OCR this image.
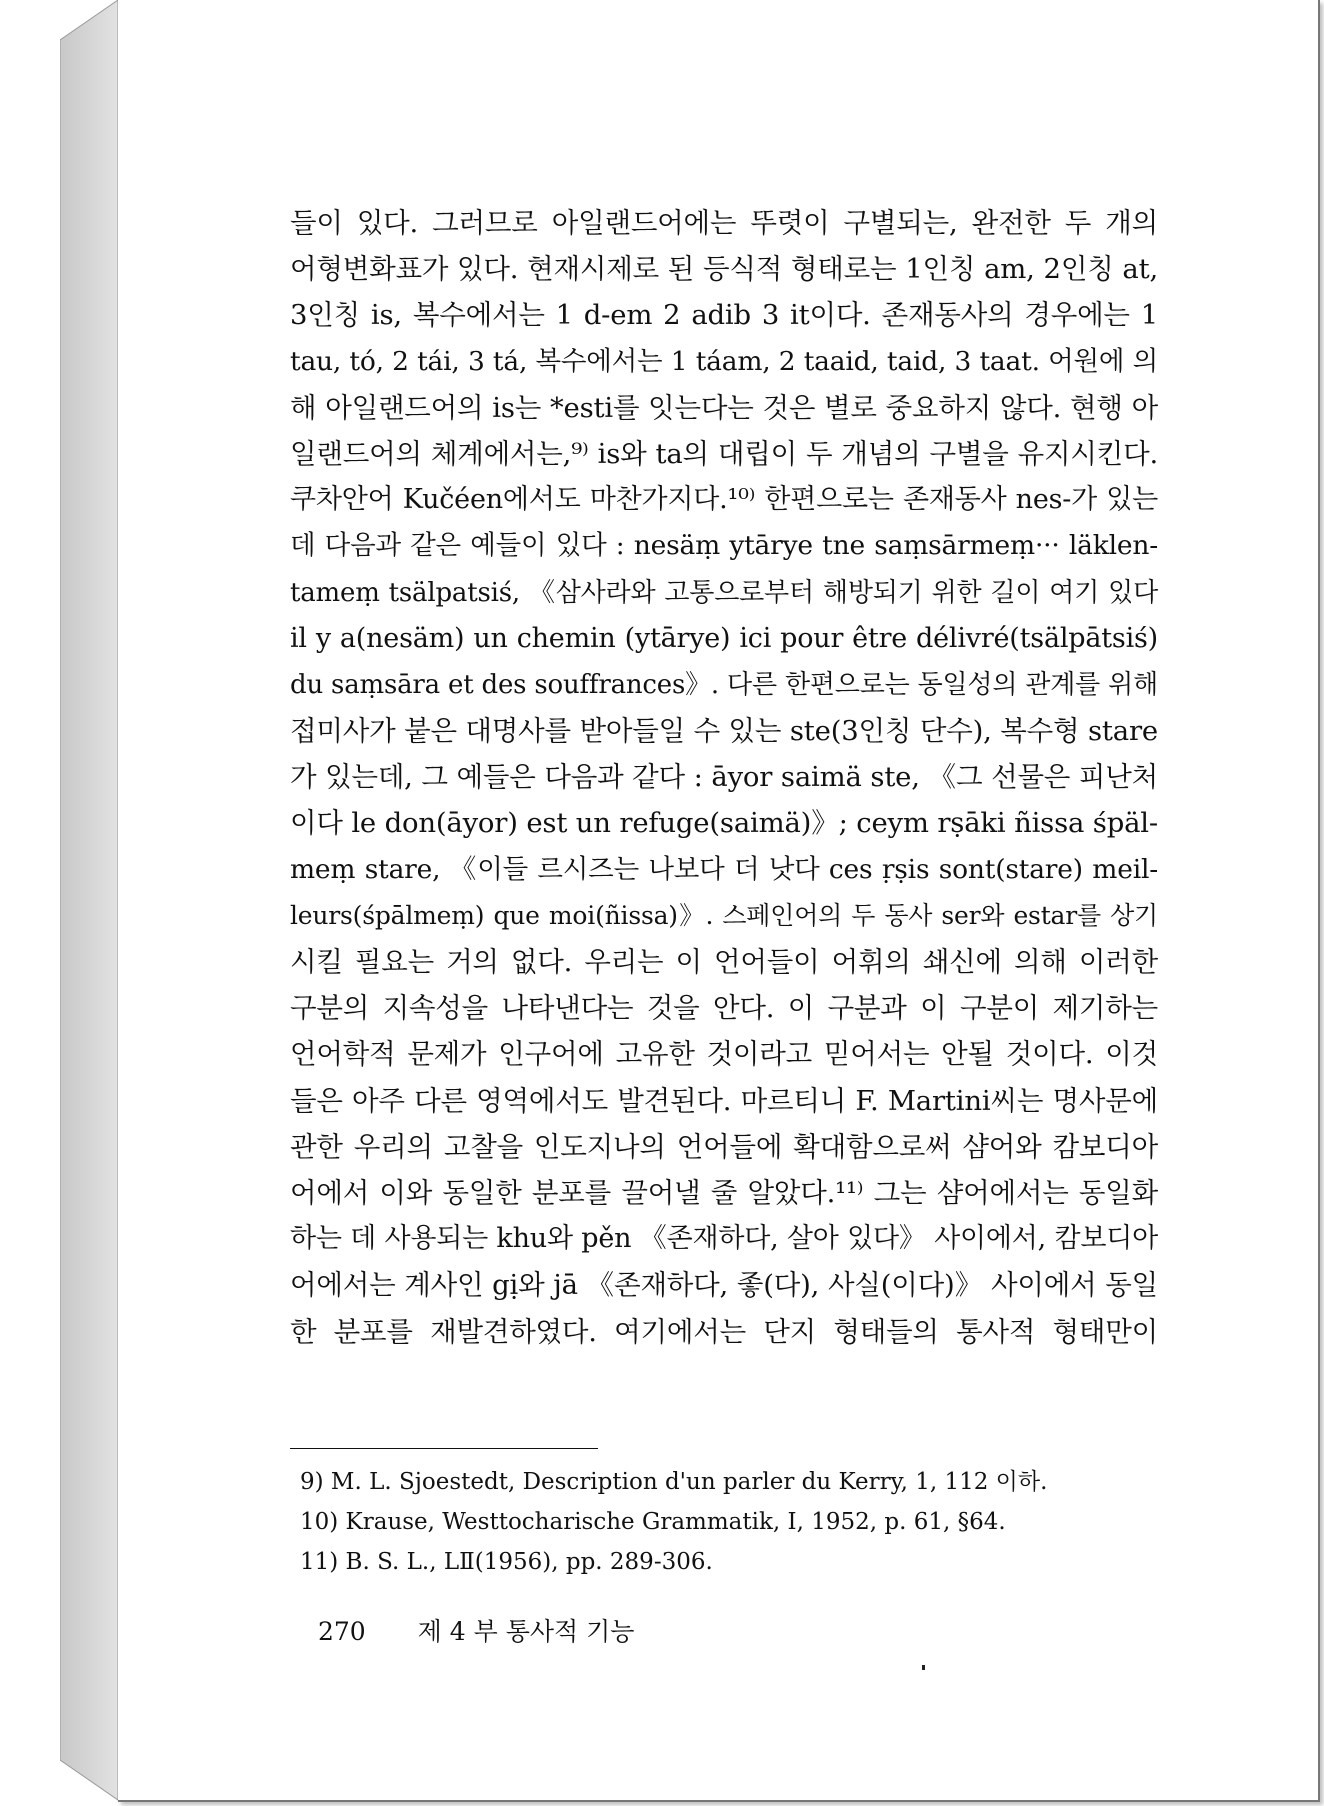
들이 있다. 그러므로 아일랜드어에는 뚜렷이 구별되는, 완전한 두 개의
어형변화표가 있다. 현재시제로 된 등식적 형태로는 1인칭 am, 2인칭 at,
3인칭 is, 복수에서는 1 d-em 2 adib 3 it이다. 존재동사의 경우에는 1
tau, tó, 2 tái, 3 tá, 복수에서는 1 táam, 2 taaid, taid, 3 taat. 어원에 의
해 아일랜드어의 is는 *esti를 잇는다는 것은 별로 중요하지 않다. 현행 아
일랜드어의 체계에서는,⁹⁾ is와 ta의 대립이 두 개념의 구별을 유지시킨다.
쿠차안어 Kučéen에서도 마찬가지다.¹⁰⁾ 한편으로는 존재동사 nes-가 있는
데 다음과 같은 예들이 있다 : nesäṃ ytārye tne saṃsārmeṃ··· läklen-
tameṃ tsälpatsiś, 《삼사라와 고통으로부터 해방되기 위한 길이 여기 있다
il y a(nesäm) un chemin (ytārye) ici pour être délivré(tsälpātsiś)
du saṃsāra et des souffrances》. 다른 한편으로는 동일성의 관계를 위해
접미사가 붙은 대명사를 받아들일 수 있는 ste(3인칭 단수), 복수형 stare
가 있는데, 그 예들은 다음과 같다 : āyor saimä ste, 《그 선물은 피난처
이다 le don(āyor) est un refuge(saimä)》; ceym rṣāki ñissa śpäl-
meṃ stare, 《이들 르시즈는 나보다 더 낫다 ces ṛṣis sont(stare) meil-
leurs(śpālmeṃ) que moi(ñissa)》. 스페인어의 두 동사 ser와 estar를 상기
시킬 필요는 거의 없다. 우리는 이 언어들이 어휘의 쇄신에 의해 이러한
구분의 지속성을 나타낸다는 것을 안다. 이 구분과 이 구분이 제기하는
언어학적 문제가 인구어에 고유한 것이라고 믿어서는 안될 것이다. 이것
들은 아주 다른 영역에서도 발견된다. 마르티니 F. Martini씨는 명사문에
관한 우리의 고찰을 인도지나의 언어들에 확대함으로써 샴어와 캄보디아
어에서 이와 동일한 분포를 끌어낼 줄 알았다.¹¹⁾ 그는 샴어에서는 동일화
하는 데 사용되는 khu와 pěn 《존재하다, 살아 있다》 사이에서, 캄보디아
어에서는 계사인 gị와 jā 《존재하다, 좋(다), 사실(이다)》 사이에서 동일
한 분포를 재발견하였다. 여기에서는 단지 형태들의 통사적 형태만이
9) M. L. Sjoestedt, Description d'un parler du Kerry, 1, 112 이하.
10) Krause, Westtocharische Grammatik, Ⅰ, 1952, p. 61, §64.
11) B. S. L., LⅡ(1956), pp. 289-306.
270 제 4 부 통사적 기능
